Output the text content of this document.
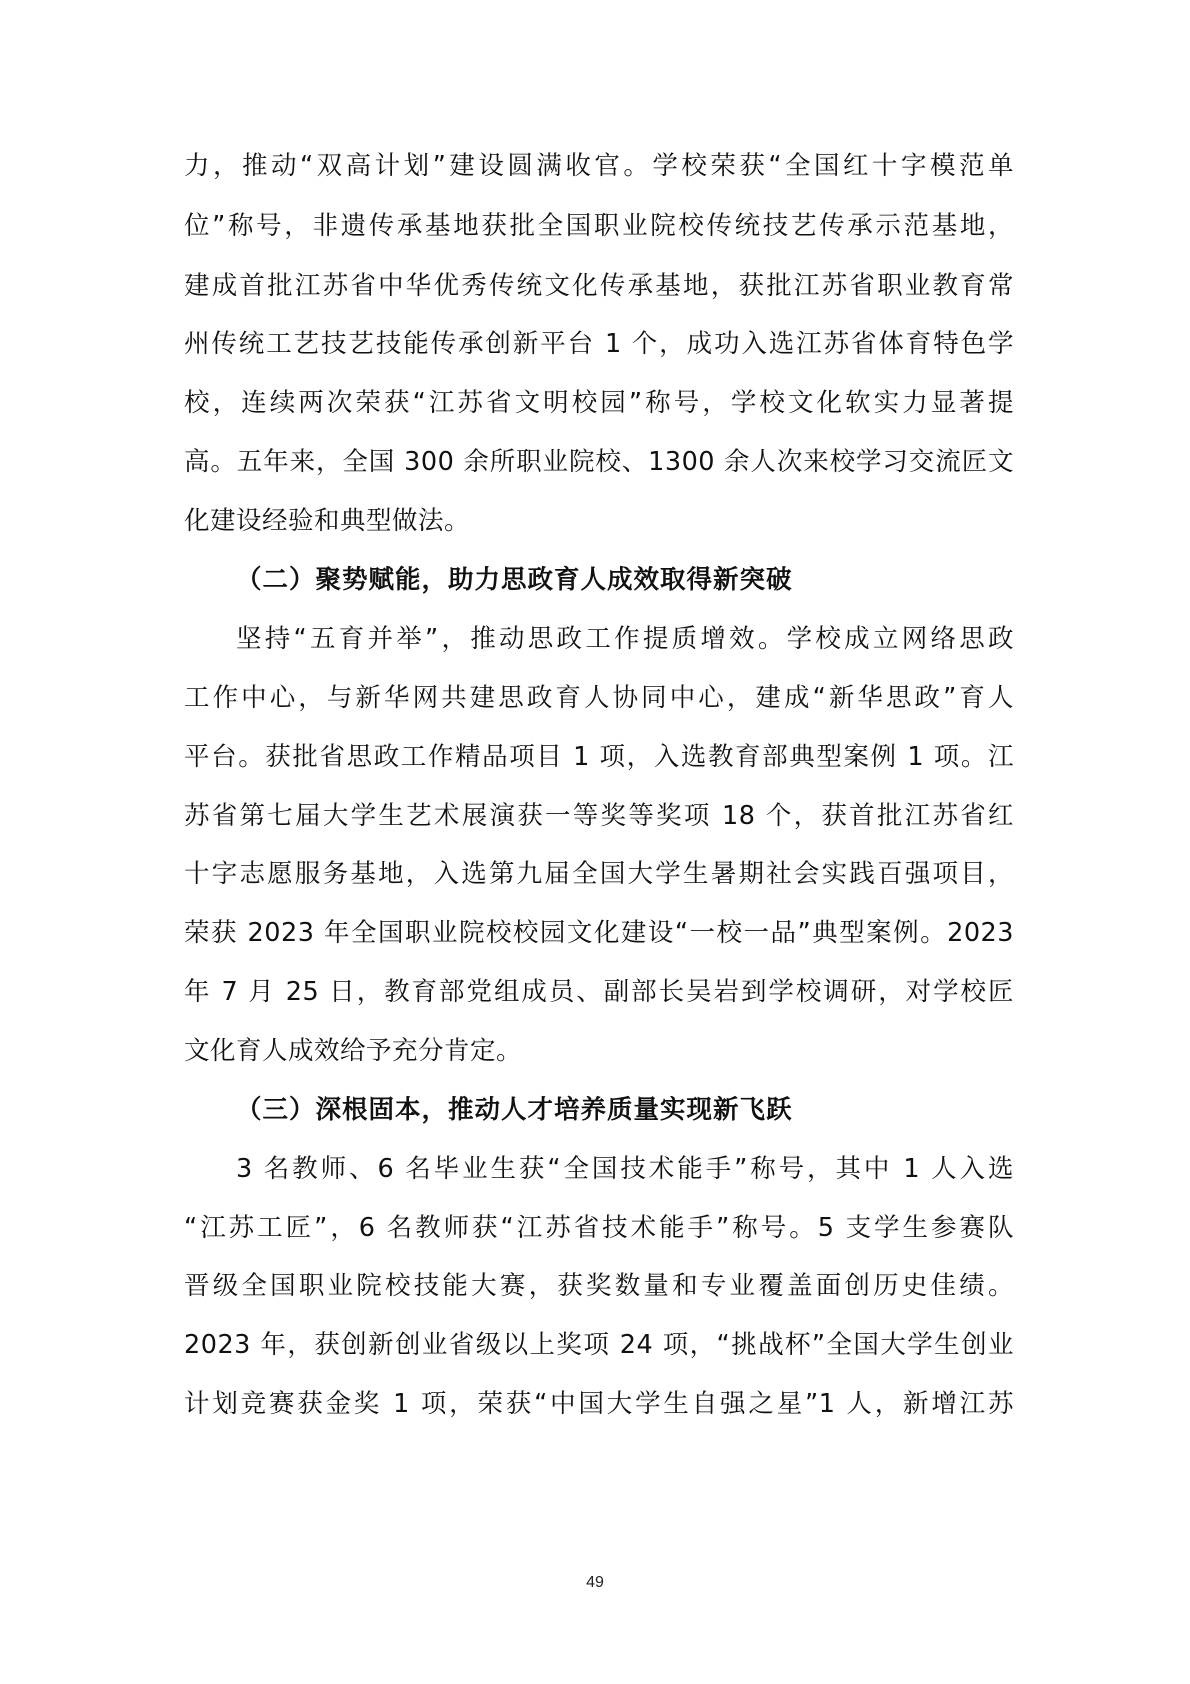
力，推动“双高计划”建设圆满收官。学校荣获“全国红十字模范单
位”称号，非遗传承基地获批全国职业院校传统技艺传承示范基地，
建成首批江苏省中华优秀传统文化传承基地，获批江苏省职业教育常
州传统工艺技艺技能传承创新平台 1 个，成功入选江苏省体育特色学
校，连续两次荣获“江苏省文明校园”称号，学校文化软实力显著提
高。五年来，全国 300 余所职业院校、1300 余人次来校学习交流匠文
化建设经验和典型做法。
（二）聚势赋能，助力思政育人成效取得新突破
坚持“五育并举”，推动思政工作提质增效。学校成立网络思政
工作中心，与新华网共建思政育人协同中心，建成“新华思政”育人
平台。获批省思政工作精品项目 1 项，入选教育部典型案例 1 项。江
苏省第七届大学生艺术展演获一等奖等奖项 18 个，获首批江苏省红
十字志愿服务基地，入选第九届全国大学生暑期社会实践百强项目，
荣获 2023 年全国职业院校校园文化建设“一校一品”典型案例。2023
年 7 月 25 日，教育部党组成员、副部长吴岩到学校调研，对学校匠
文化育人成效给予充分肯定。
（三）深根固本，推动人才培养质量实现新飞跃
3 名教师、6 名毕业生获“全国技术能手”称号，其中 1 人入选
“江苏工匠”，6 名教师获“江苏省技术能手”称号。5 支学生参赛队
晋级全国职业院校技能大赛，获奖数量和专业覆盖面创历史佳绩。
2023 年，获创新创业省级以上奖项 24 项，“挑战杯”全国大学生创业
计划竞赛获金奖 1 项，荣获“中国大学生自强之星”1 人，新增江苏
49
